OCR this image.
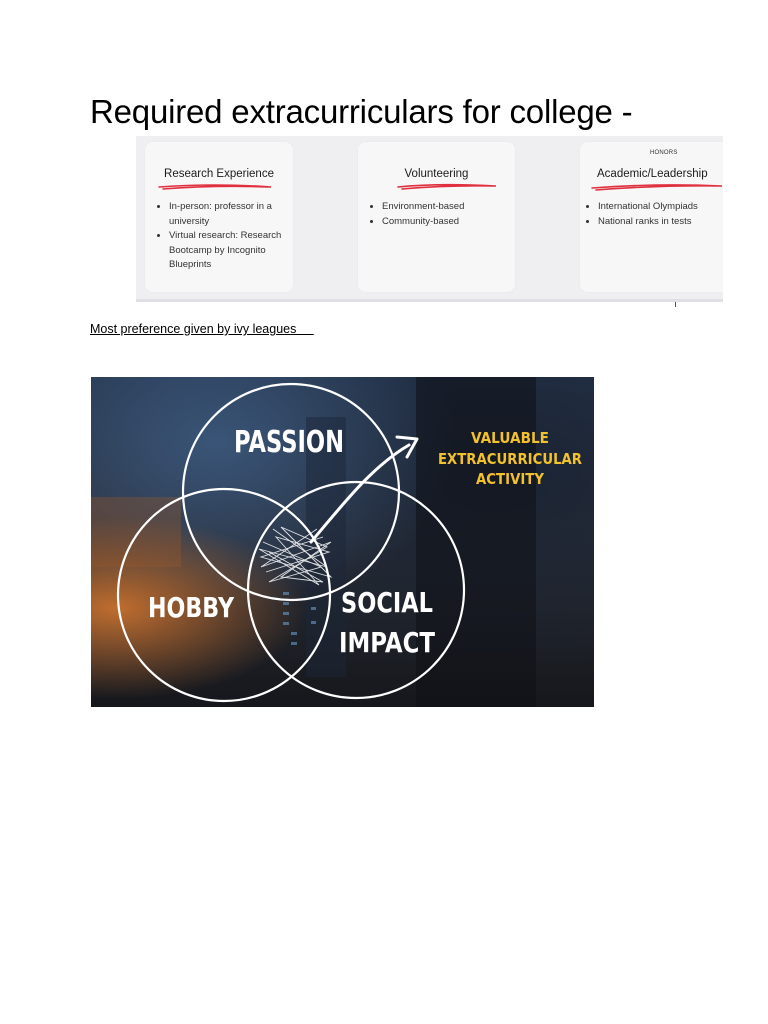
Required extracurriculars for college -
Research Experience
• In-person: professor in a university
• Virtual research: Research Bootcamp by Incognito Blueprints
Volunteering
• Environment-based
• Community-based
HONORS
Academic/Leadership
• International Olympiads
• National ranks in tests
Most preference given by ivy leagues
PASSION
HOBBY	SOCIAL
IMPACT
VALUABLE
EXTRACURRICULAR
ACTIVITY
